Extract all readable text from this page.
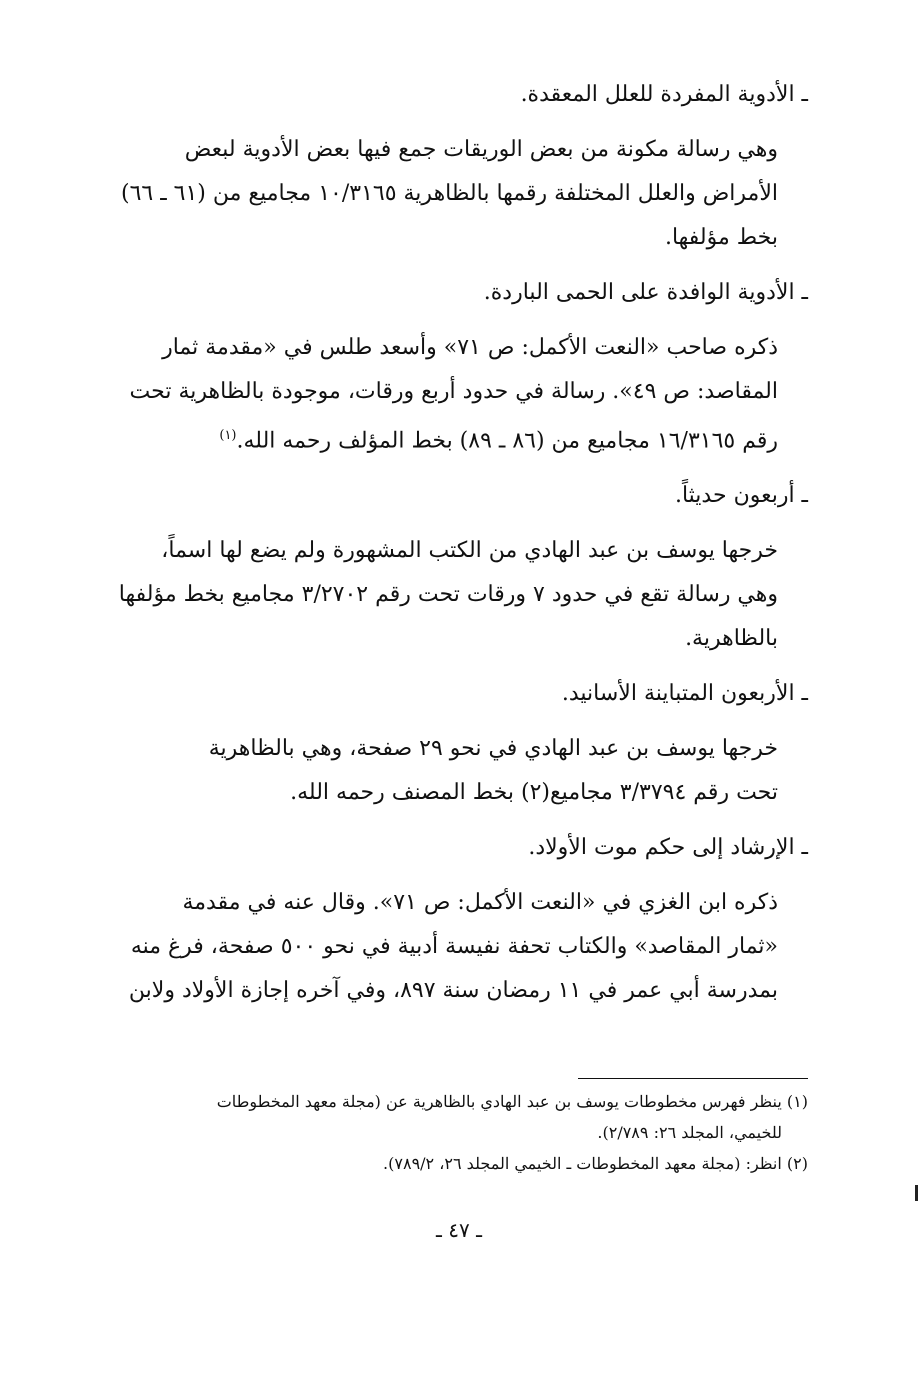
ـ الأدوية المفردة للعلل المعقدة.

وهي رسالة مكونة من بعض الوريقات جمع فيها بعض الأدوية لبعض
الأمراض والعلل المختلفة رقمها بالظاهرية ١٠/٣١٦٥ مجاميع من (٦١ ـ ٦٦)
بخط مؤلفها.

ـ الأدوية الوافدة على الحمى الباردة.

ذكره صاحب «النعت الأكمل: ص ٧١» وأسعد طلس في «مقدمة ثمار
المقاصد: ص ٤٩». رسالة في حدود أربع ورقات، موجودة بالظاهرية تحت
رقم ١٦/٣١٦٥ مجاميع من (٨٦ ـ ٨٩) بخط المؤلف رحمه الله.$^{(١)}$

ـ أربعون حديثاً.

خرجها يوسف بن عبد الهادي من الكتب المشهورة ولم يضع لها اسماً،
وهي رسالة تقع في حدود ٧ ورقات تحت رقم ٣/٢٧٠٢ مجاميع بخط مؤلفها
بالظاهرية.

ـ الأربعون المتباينة الأسانيد.

خرجها يوسف بن عبد الهادي في نحو ٢٩ صفحة، وهي بالظاهرية
تحت رقم ٣/٣٧٩٤ مجاميع(٢) بخط المصنف رحمه الله.

ـ الإرشاد إلى حكم موت الأولاد.

ذكره ابن الغزي في «النعت الأكمل: ص ٧١». وقال عنه في مقدمة
«ثمار المقاصد» والكتاب تحفة نفيسة أدبية في نحو ٥٠٠ صفحة، فرغ منه
بمدرسة أبي عمر في ١١ رمضان سنة ٨٩٧، وفي آخره إجازة الأولاد ولابن

(١) ينظر فهرس مخطوطات يوسف بن عبد الهادي بالظاهرية عن (مجلة معهد المخطوطات

للخيمي، المجلد ٢٦: ٢/٧٨٩).

(٢) انظر: (مجلة معهد المخطوطات ـ الخيمي المجلد ٢٦، ٧٨٩/٢).

ـ ٤٧ ـ
